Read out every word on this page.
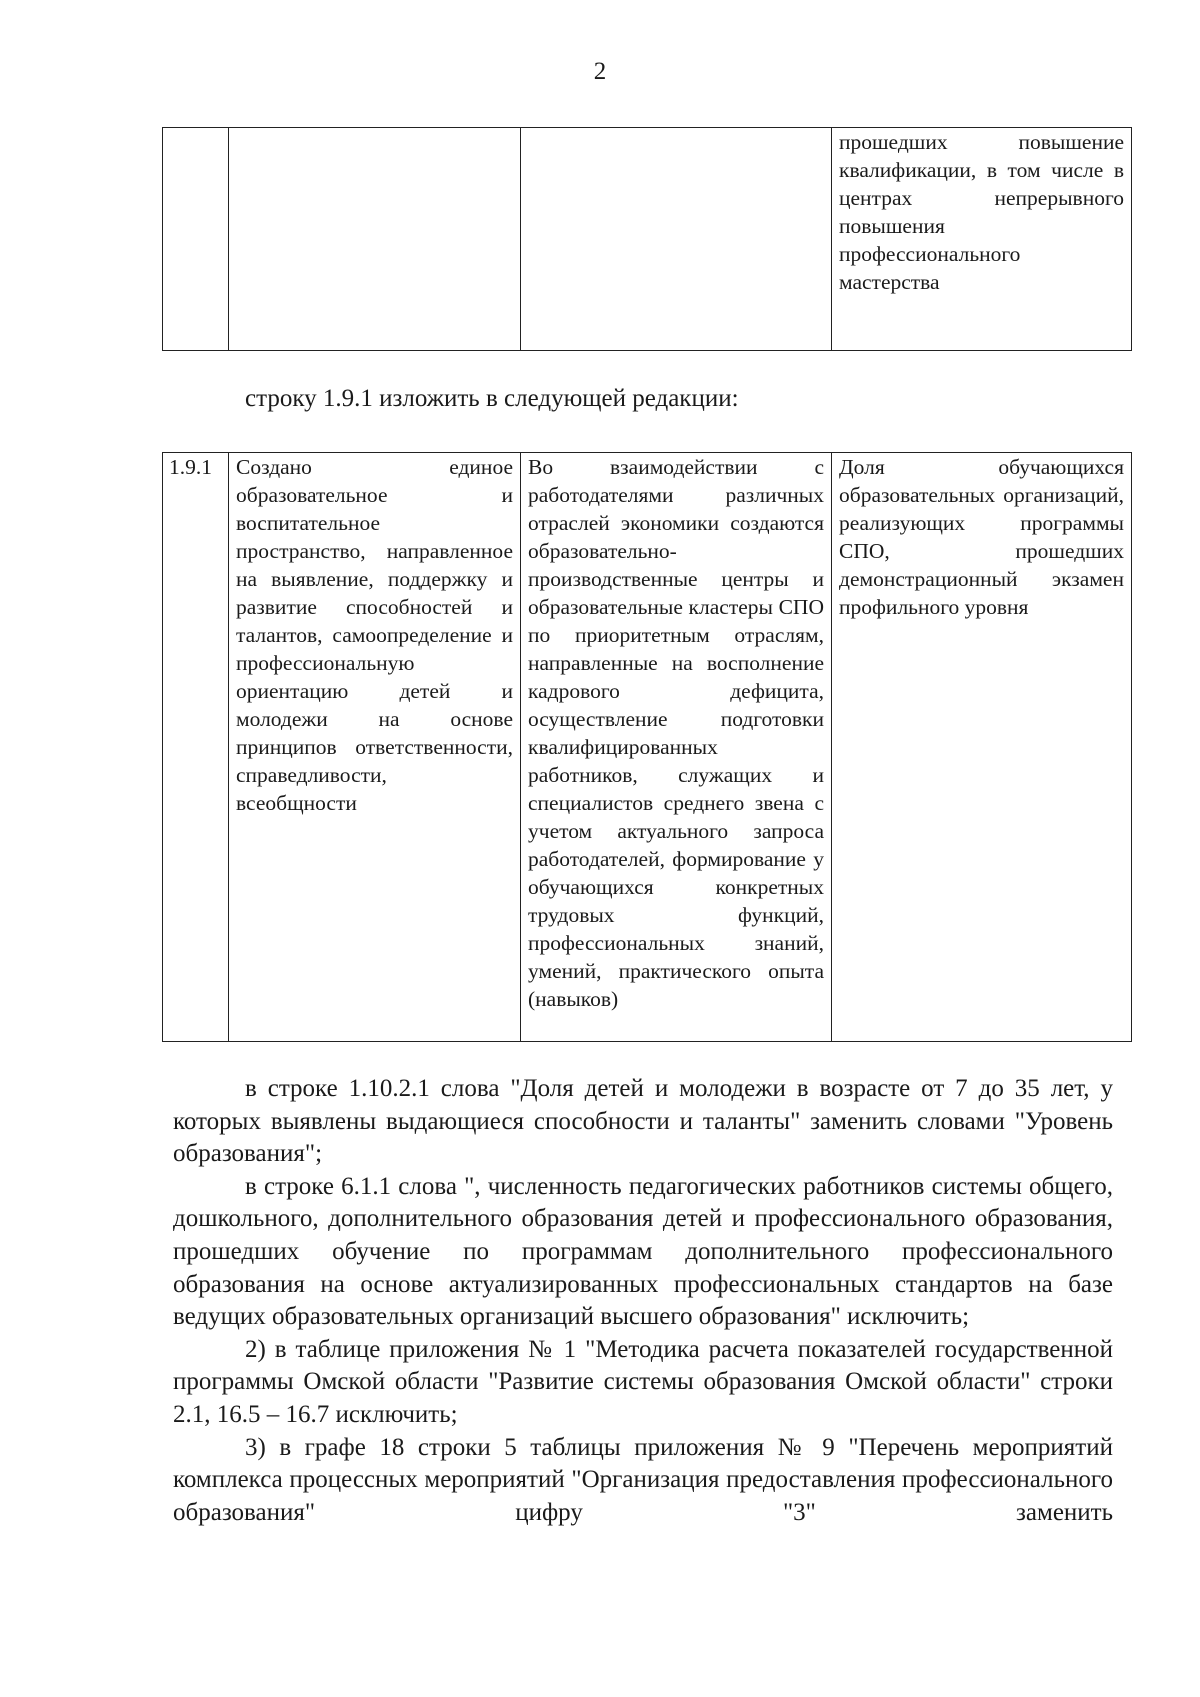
2
			прошедших повышение квалификации, в том числе в центрах непрерывного повышения профессионального мастерства
строку 1.9.1 изложить в следующей редакции:
1.9.1	Создано единое образовательное и воспитательное пространство, направленное на выявление, поддержку и развитие способностей и талантов, самоопределение и профессиональную ориентацию детей и молодежи на основе принципов ответственности, справедливости, всеобщности	Во взаимодействии с работодателями различных отраслей экономики создаются образовательно-производственные центры и образовательные кластеры СПО по приоритетным отраслям, направленные на восполнение кадрового дефицита, осуществление подготовки квалифицированных работников, служащих и специалистов среднего звена с учетом актуального запроса работодателей, формирование у обучающихся конкретных трудовых функций, профессиональных знаний, умений, практического опыта (навыков)	Доля обучающихся образовательных организаций, реализующих программы СПО, прошедших демонстрационный экзамен профильного уровня

в строке 1.10.2.1 слова "Доля детей и молодежи в возрасте от 7 до 35 лет, у которых выявлены выдающиеся способности и таланты" заменить словами "Уровень образования";

в строке 6.1.1 слова ", численность педагогических работников системы общего, дошкольного, дополнительного образования детей и профессионального образования, прошедших обучение по программам дополнительного профессионального образования на основе актуализированных профессиональных стандартов на базе ведущих образовательных организаций высшего образования" исключить;

2) в таблице приложения № 1 "Методика расчета показателей государственной программы Омской области "Развитие системы образования Омской области" строки 2.1, 16.5 – 16.7 исключить;

3) в графе 18 строки 5 таблицы приложения № 9 "Перечень мероприятий комплекса процессных мероприятий "Организация предоставления профессионального образования" цифру "3" заменить
